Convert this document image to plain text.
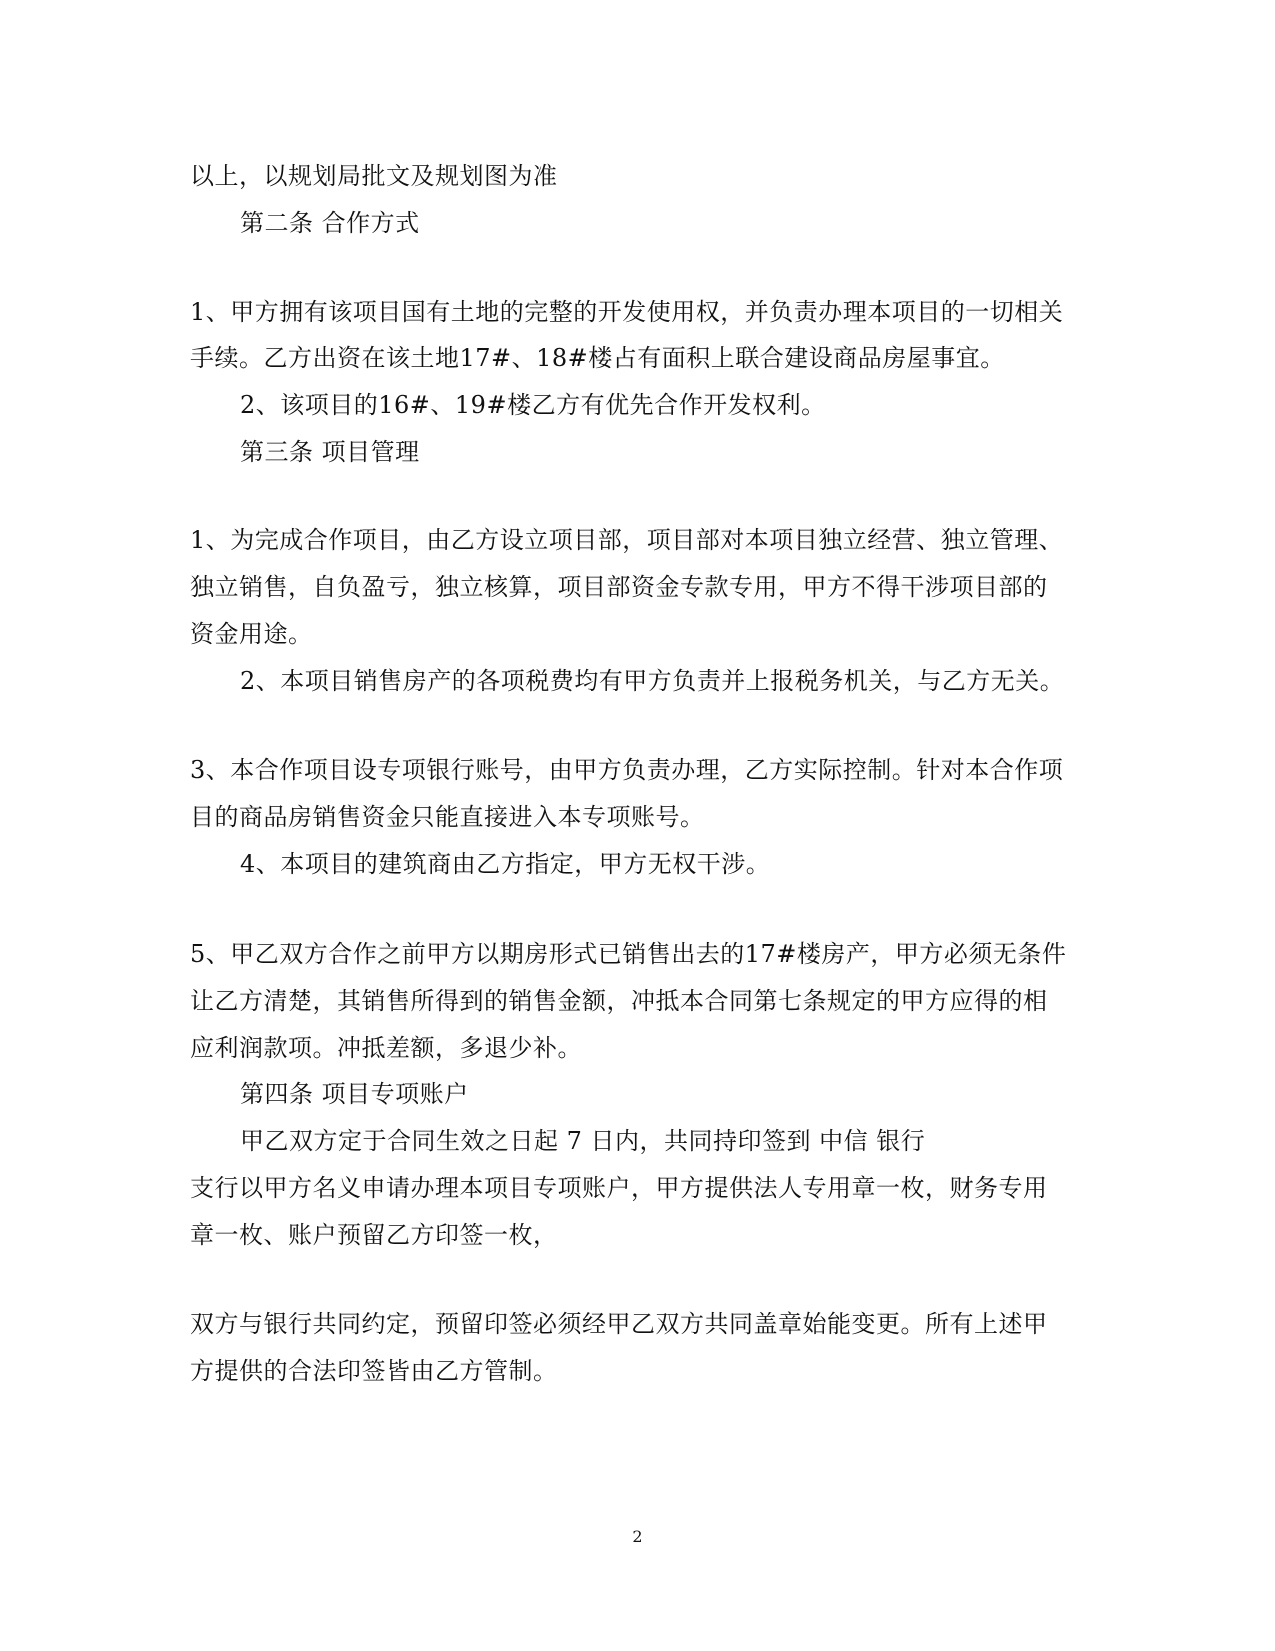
以上，以规划局批文及规划图为准
第二条 合作方式
1、甲方拥有该项目国有土地的完整的开发使用权，并负责办理本项目的一切相关
手续。乙方出资在该土地17#、18#楼占有面积上联合建设商品房屋事宜。
2、该项目的16#、19#楼乙方有优先合作开发权利。
第三条 项目管理
1、为完成合作项目，由乙方设立项目部，项目部对本项目独立经营、独立管理、
独立销售，自负盈亏，独立核算，项目部资金专款专用，甲方不得干涉项目部的
资金用途。
2、本项目销售房产的各项税费均有甲方负责并上报税务机关，与乙方无关。
3、本合作项目设专项银行账号，由甲方负责办理，乙方实际控制。针对本合作项
目的商品房销售资金只能直接进入本专项账号。
4、本项目的建筑商由乙方指定，甲方无权干涉。
5、甲乙双方合作之前甲方以期房形式已销售出去的17#楼房产，甲方必须无条件
让乙方清楚，其销售所得到的销售金额，冲抵本合同第七条规定的甲方应得的相
应利润款项。冲抵差额，多退少补。
第四条 项目专项账户
甲乙双方定于合同生效之日起 7 日内，共同持印签到 中信 银行
支行以甲方名义申请办理本项目专项账户，甲方提供法人专用章一枚，财务专用
章一枚、账户预留乙方印签一枚，
双方与银行共同约定，预留印签必须经甲乙双方共同盖章始能变更。所有上述甲
方提供的合法印签皆由乙方管制。
2
